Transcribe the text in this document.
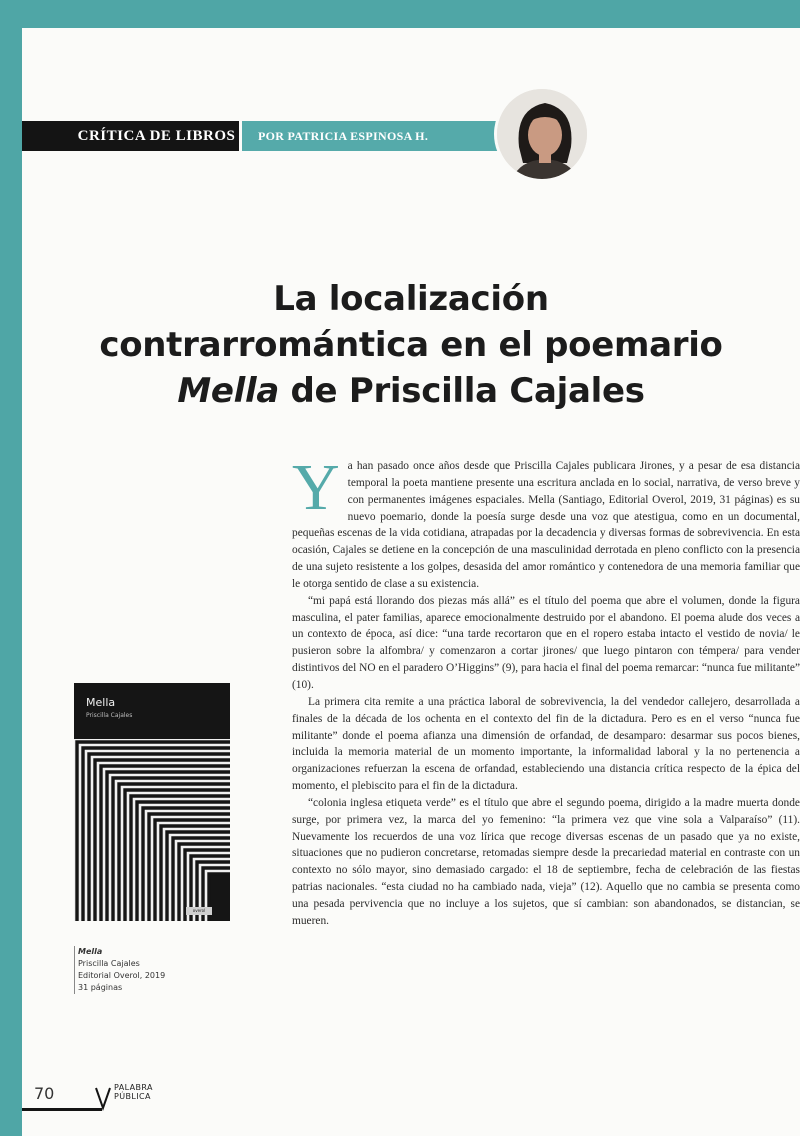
CRÍTICA DE LIBROS	POR PATRICIA ESPINOSA H.
La localización
contrarromántica en el poemario
Mella de Priscilla Cajales
Mella
Priscilla Cajales
overol
Mella
Priscilla Cajales
Editorial Overol, 2019
31 páginas

Ya han pasado once años desde que Priscilla Cajales publicara Jirones, y a pesar de esa distancia temporal la poeta mantiene presente una escritura anclada en lo social, narrativa, de verso breve y con permanentes imágenes espaciales. Mella (Santiago, Editorial Overol, 2019, 31 páginas) es su nuevo poemario, donde la poesía surge desde una voz que atestigua, como en un documental, pequeñas escenas de la vida cotidiana, atrapadas por la decadencia y diversas formas de sobrevivencia. En esta ocasión, Cajales se detiene en la concepción de una masculinidad derrotada en pleno conflicto con la presencia de una sujeto resistente a los golpes, desasida del amor romántico y contenedora de una memoria familiar que le otorga sentido de clase a su existencia.

“mi papá está llorando dos piezas más allá” es el título del poema que abre el volumen, donde la figura masculina, el pater familias, aparece emocionalmente destruido por el abandono. El poema alude dos veces a un contexto de época, así dice: “una tarde recortaron que en el ropero estaba intacto el vestido de novia/ le pusieron sobre la alfombra/ y comenzaron a cortar jirones/ que luego pintaron con témpera/ para vender distintivos del NO en el paradero O’Higgins” (9), para hacia el final del poema remarcar: “nunca fue militante” (10).

La primera cita remite a una práctica laboral de sobrevivencia, la del vendedor callejero, desarrollada a finales de la década de los ochenta en el contexto del fin de la dictadura. Pero es en el verso “nunca fue militante” donde el poema afianza una dimensión de orfandad, de desamparo: desarmar sus pocos bienes, incluida la memoria material de un momento importante, la informalidad laboral y la no pertenencia a organizaciones refuerzan la escena de orfandad, estableciendo una distancia crítica respecto de la épica del momento, el plebiscito para el fin de la dictadura.

“colonia inglesa etiqueta verde” es el título que abre el segundo poema, dirigido a la madre muerta donde surge, por primera vez, la marca del yo femenino: “la primera vez que vine sola a Valparaíso” (11). Nuevamente los recuerdos de una voz lírica que recoge diversas escenas de un pasado que ya no existe, situaciones que no pudieron concretarse, retomadas siempre desde la precariedad material en contraste con un contexto no sólo mayor, sino demasiado cargado: el 18 de septiembre, fecha de celebración de las fiestas patrias nacionales. “esta ciudad no ha cambiado nada, vieja” (12). Aquello que no cambia se presenta como una pesada pervivencia que no incluye a los sujetos, que sí cambian: son abandonados, se distancian, se mueren.

70	PALABRA
PÚBLICA
